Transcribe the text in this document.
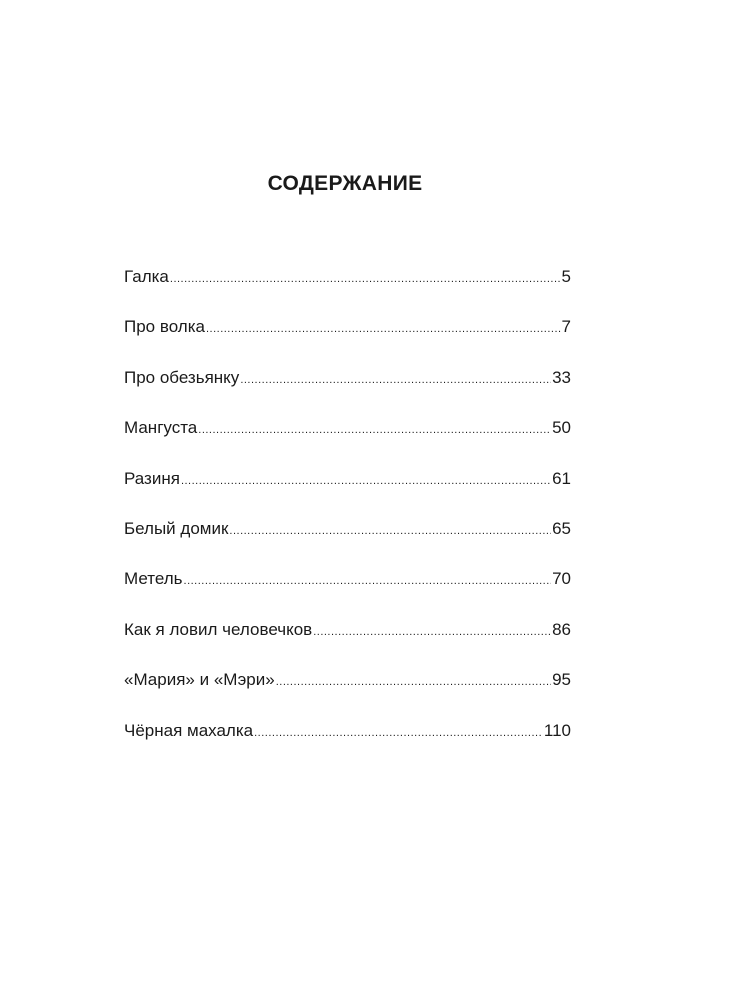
СОДЕРЖАНИЕ
Галка .....	5
Про волка .....	7
Про обезьянку .....	33
Мангуста .....	50
Разиня .....	61
Белый домик .....	65
Метель .....	70
Как я ловил человечков .....	86
«Мария» и «Мэри» .....	95
Чёрная махалка .....	110
